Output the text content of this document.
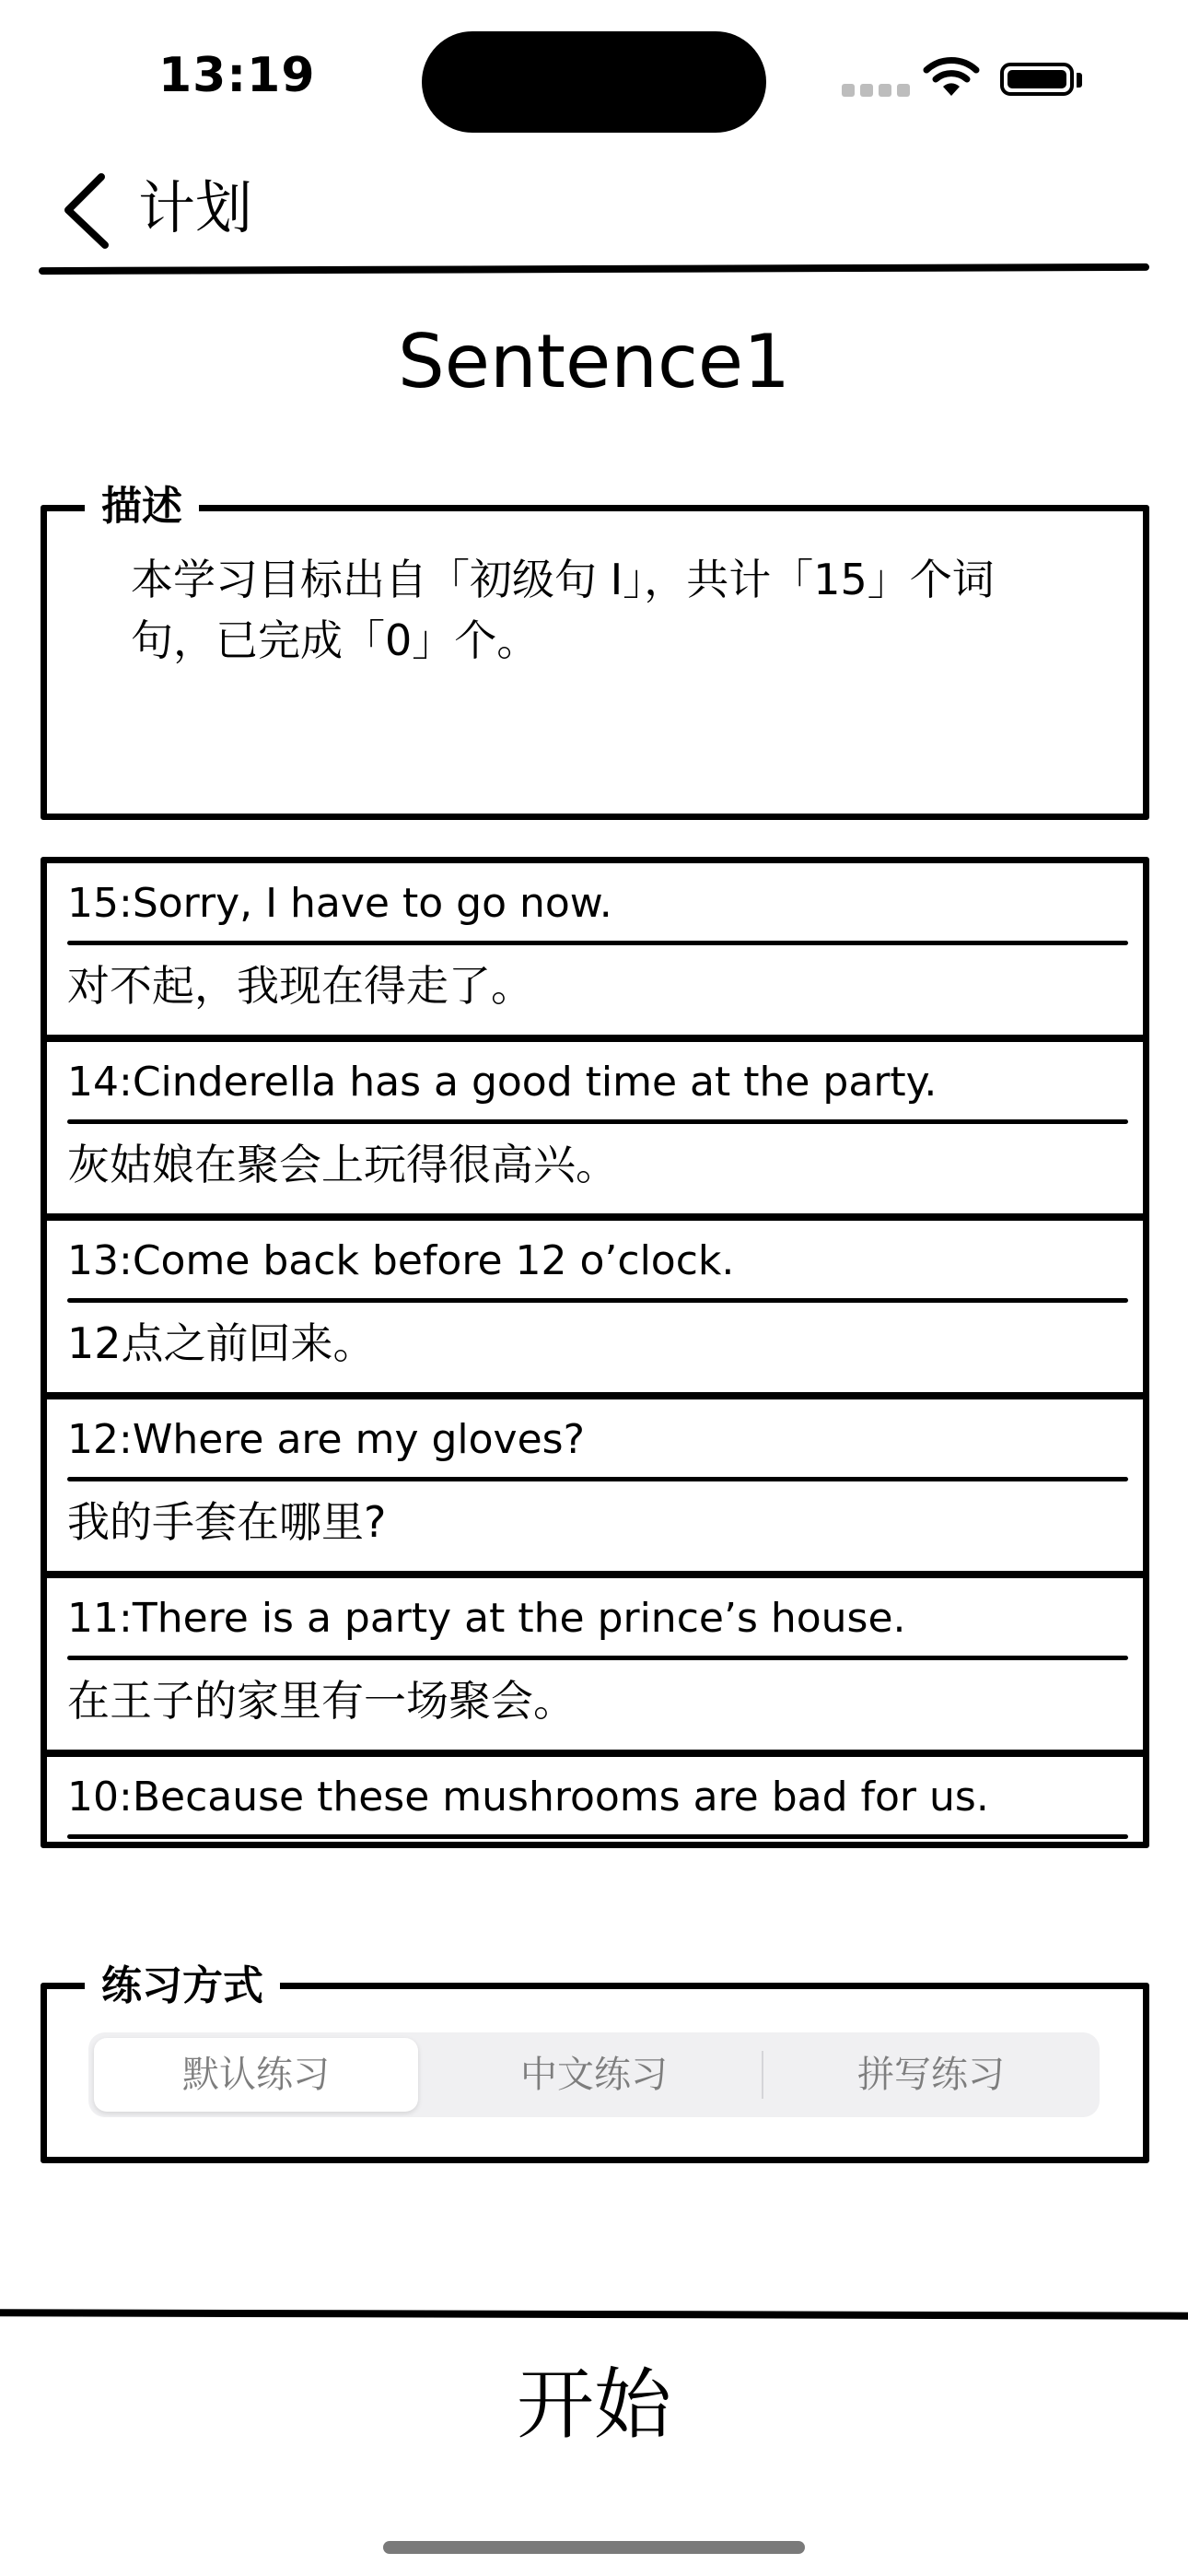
13:19
计划
Sentence1
描述
本学习目标出自「初级句 I」，共计「15」个词句，已完成「0」个。
15:Sorry, I have to go now.
对不起，我现在得走了。
14:Cinderella has a good time at the party.
灰姑娘在聚会上玩得很高兴。
13:Come back before 12 o’clock.
12点之前回来。
12:Where are my gloves?
我的手套在哪里?
11:There is a party at the prince’s house.
在王子的家里有一场聚会。
10:Because these mushrooms are bad for us.
练习方式
默认练习	中文练习	拼写练习
开始
